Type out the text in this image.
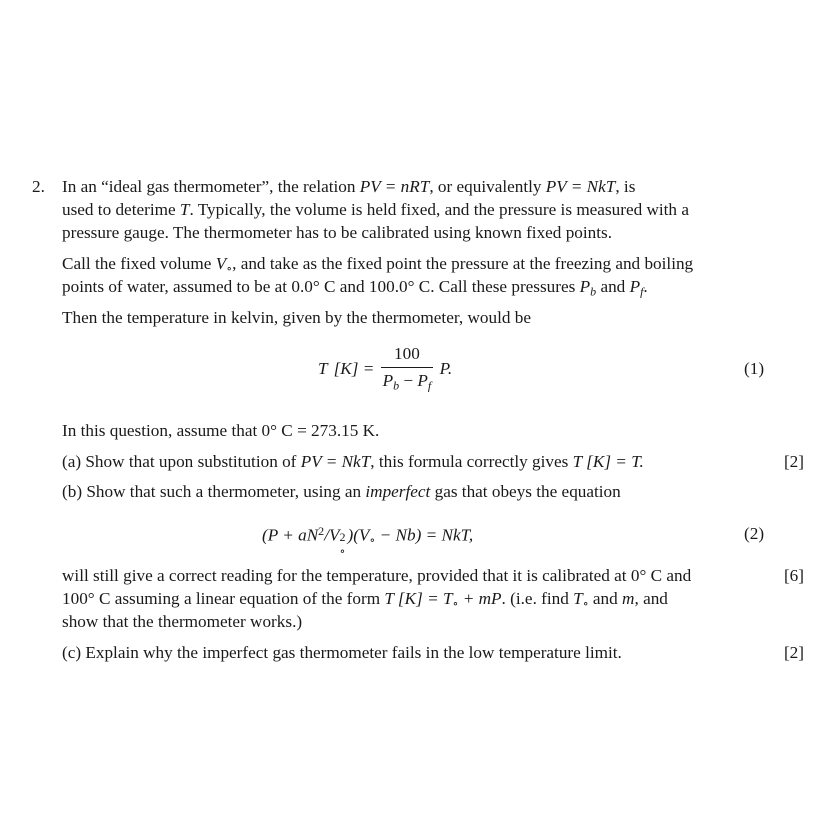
2. In an “ideal gas thermometer”, the relation PV = nRT, or equivalently PV = NkT, is
used to deterime T. Typically, the volume is held fixed, and the pressure is measured with a
pressure gauge. The thermometer has to be calibrated using known fixed points.
Call the fixed volume $V_\circ$, and take as the fixed point the pressure at the freezing and boiling
points of water, assumed to be at 0.0° C and 100.0° C. Call these pressures $P_b$ and $P_f$.
Then the temperature in kelvin, given by the thermometer, would be
T $[K] = \frac{100}{P_b - P_f} P$.	(1)
In this question, assume that 0° C = 273.15 K.
(a) Show that upon substitution of PV = NkT, this formula correctly gives T [K] = T.	[2]
(b) Show that such a thermometer, using an imperfect gas that obeys the equation
($P + aN^2/V$ 2
∘
)$(V_\circ - Nb)$ = NkT,	(2)
will still give a correct reading for the temperature, provided that it is calibrated at 0° C and	[6]
100° C assuming a linear equation of the form T $[K] = T_\circ$ + mP. (i.e. find $T_\circ$ and m, and
show that the thermometer works.)
(c) Explain why the imperfect gas thermometer fails in the low temperature limit.	[2]
